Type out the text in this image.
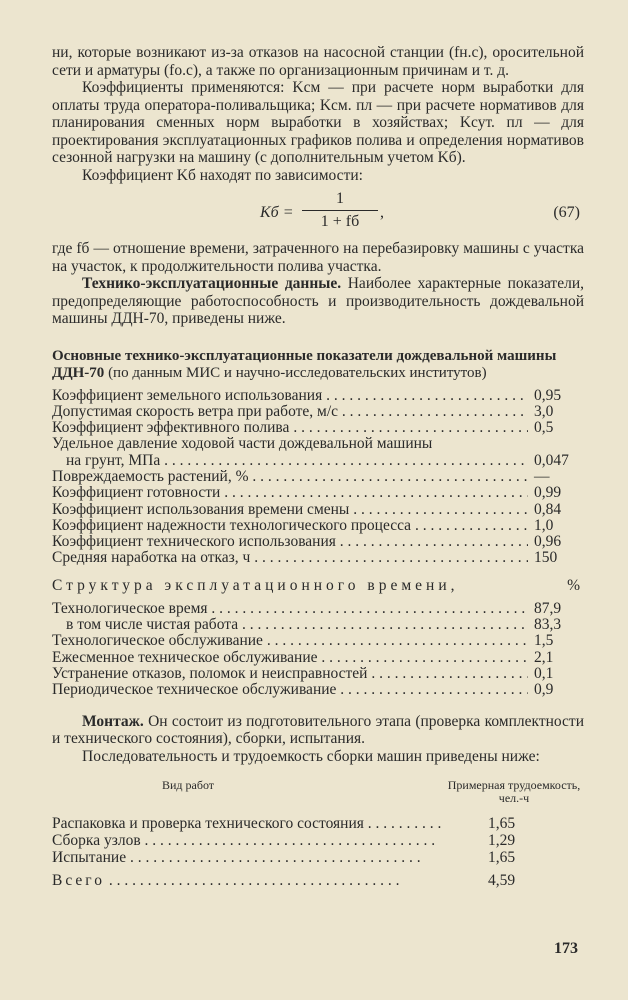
ни, которые возникают из-за отказов на насосной станции (fн.с), оросительной сети и арматуры (fо.с), а также по организационным причинам и т. д.

Коэффициенты применяются: Kсм — при расчете норм выработки для оплаты труда оператора-поливальщика; Kсм. пл — при расчете нормативов для планирования сменных норм выработки в хозяйствах; Kсут. пл — для проектирования эксплуатационных графиков полива и определения нормативов сезонной нагрузки на машину (с дополнительным учетом Kб).

Коэффициент Kб находят по зависимости:

Kб =
1
1 + fб
,	(67)

где fб — отношение времени, затраченного на перебазировку машины с участка на участок, к продолжительности полива участка.

Технико-эксплуатационные данные. Наиболее характерные показатели, предопределяющие работоспособность и производительность дождевальной машины ДДН-70, приведены ниже.

Основные технико-эксплуатационные показатели дождевальной машины ДДН-70 (по данным МИС и научно-исследовательских институтов)
Коэффициент земельного использования . . .	0,95
Допустимая скорость ветра при работе, м/с . . .	3,0
Коэффициент эффективного полива . . .	0,5
Удельное давление ходовой части дождевальной машины
на грунт, МПа . . .	0,047
Повреждаемость растений, % . . .	—
Коэффициент готовности . . .	0,99
Коэффициент использования времени смены . . .	0,84
Коэффициент надежности технологического процесса . . .	1,0
Коэффициент технического использования . . .	0,96
Средняя наработка на отказ, ч . . .	150
Структура эксплуатационного времени,	%
Технологическое время . . .	87,9
в том числе чистая работа . . .	83,3
Технологическое обслуживание . . .	1,5
Ежесменное техническое обслуживание . . .	2,1
Устранение отказов, поломок и неисправностей . . .	0,1
Периодическое техническое обслуживание . . .	0,9

Монтаж. Он состоит из подготовительного этапа (проверка комплектности и технического состояния), сборки, испытания.

Последовательность и трудоемкость сборки машин приведены ниже:

Вид работ	Примерная трудоемкость, чел.-ч
Распаковка и проверка технического состояния . . .	1,65
Сборка узлов . . .	1,29
Испытание . . .	1,65
Всего . . .	4,59
173
